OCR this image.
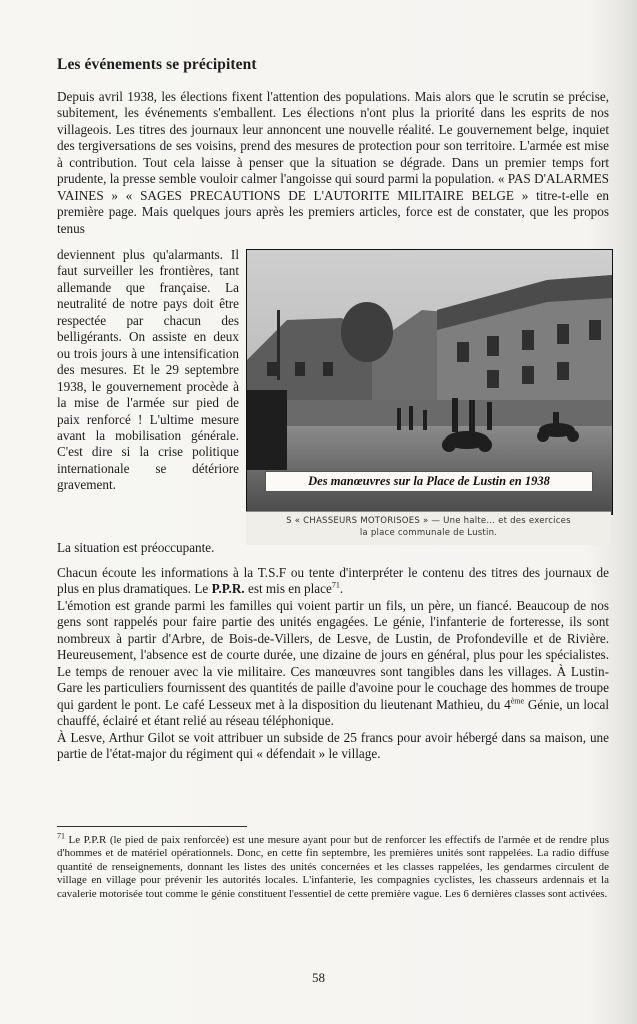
Les événements se précipitent

Depuis avril 1938, les élections fixent l'attention des populations. Mais alors que le scrutin se précise, subitement, les événements s'emballent. Les élections n'ont plus la priorité dans les esprits de nos villageois. Les titres des journaux leur annoncent une nouvelle réalité. Le gouvernement belge, inquiet des tergiversations de ses voisins, prend des mesures de protection pour son territoire. L'armée est mise à contribution. Tout cela laisse à penser que la situation se dégrade. Dans un premier temps fort prudente, la presse semble vouloir calmer l'angoisse qui sourd parmi la population. « PAS D'ALARMES VAINES » « SAGES PRECAUTIONS DE L'AUTORITE MILITAIRE BELGE » titre-t-elle en première page. Mais quelques jours après les premiers articles, force est de constater, que les propos tenus

deviennent plus qu'alarmants. Il faut surveiller les frontières, tant allemande que française. La neutralité de notre pays doit être respectée par chacun des belligérants. On assiste en deux ou trois jours à une intensification des mesures. Et le 29 septembre 1938, le gouvernement procède à la mise de l'armée sur pied de paix renforcé ! L'ultime mesure avant la mobilisation générale. C'est dire si la crise politique internationale se détériore gravement.

La situation est préoccupante.

Des manœuvres sur la Place de Lustin en 1938
S « CHASSEURS MOTORISOES » — Une halte... et des exercices
la place communale de Lustin.

Chacun écoute les informations à la T.S.F ou tente d'interpréter le contenu des titres des journaux de plus en plus dramatiques. Le P.P.R. est mis en place$^{71}$.
L'émotion est grande parmi les familles qui voient partir un fils, un père, un fiancé. Beaucoup de nos gens sont rappelés pour faire partie des unités engagées. Le génie, l'infanterie de forteresse, ils sont nombreux à partir d'Arbre, de Bois-de-Villers, de Lesve, de Lustin, de Profondeville et de Rivière. Heureusement, l'absence est de courte durée, une dizaine de jours en général, plus pour les spécialistes. Le temps de renouer avec la vie militaire. Ces manœuvres sont tangibles dans les villages. À Lustin-Gare les particuliers fournissent des quantités de paille d'avoine pour le couchage des hommes de troupe qui gardent le pont. Le café Lesseux met à la disposition du lieutenant Mathieu, du 4ème Génie, un local chauffé, éclairé et étant relié au réseau téléphonique.
À Lesve, Arthur Gilot se voit attribuer un subside de 25 francs pour avoir hébergé dans sa maison, une partie de l'état-major du régiment qui « défendait » le village.

$^{71}$ Le P.P.R (le pied de paix renforcée) est une mesure ayant pour but de renforcer les effectifs de l'armée et de rendre plus d'hommes et de matériel opérationnels. Donc, en cette fin septembre, les premières unités sont rappelées. La radio diffuse quantité de renseignements, donnant les listes des unités concernées et les classes rappelées, les gendarmes circulent de village en village pour prévenir les autorités locales. L'infanterie, les compagnies cyclistes, les chasseurs ardennais et la cavalerie motorisée tout comme le génie constituent l'essentiel de cette première vague. Les 6 dernières classes sont activées.

58
